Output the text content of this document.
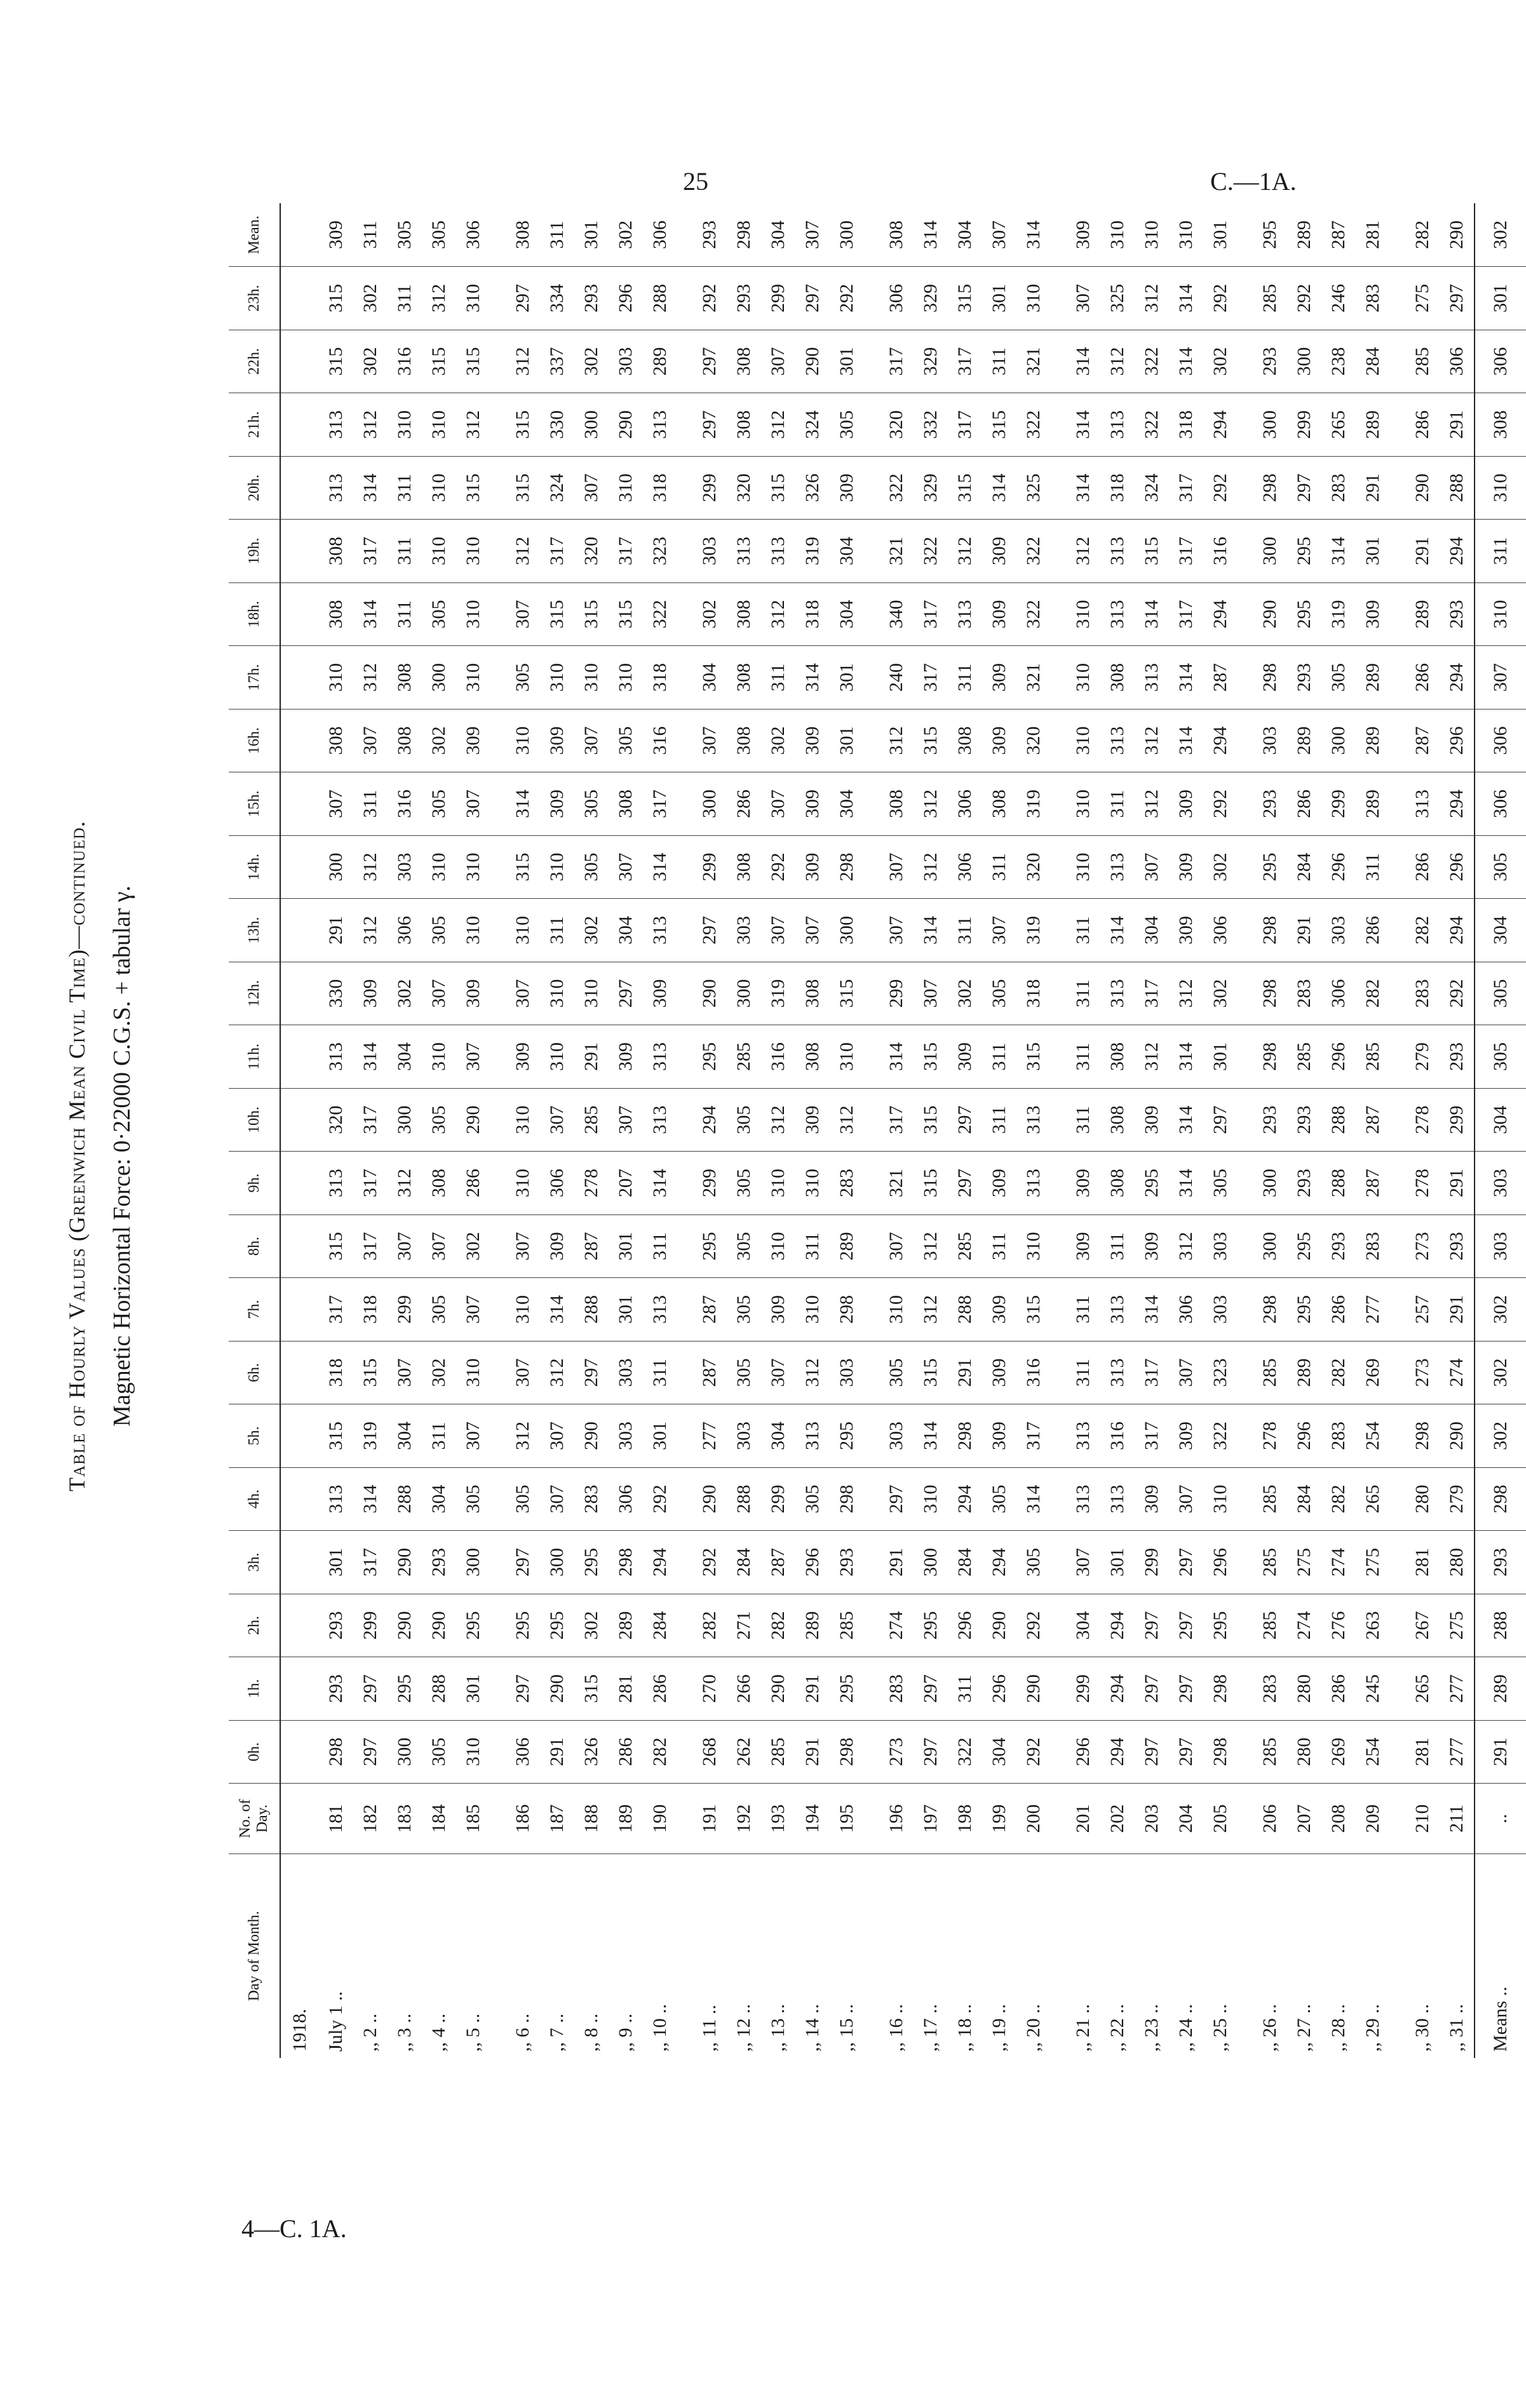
25	C.—1A.
Table of Hourly Values (Greenwich Mean Civil Time)—continued. Magnetic Horizontal Force: 0·22000 C.G.S. + tabular γ.
Day of Month.	No. of Day.	0h.	1h.	2h.	3h.	4h.	5h.	6h.	7h.	8h.	9h.	10h.	11h.	12h.	13h.	14h.	15h.	16h.	17h.	18h.	19h.	20h.	21h.	22h.	23h.	Mean.
1918.																										
July 1 ..	181	298	293	293	301	313	315	318	317	315	313	320	313	330	291	300	307	308	310	308	308	313	313	315	315	309
,, 2 ..	182	297	297	299	317	314	319	315	318	317	317	317	314	309	312	312	311	307	312	314	317	314	312	302	302	311
,, 3 ..	183	300	295	290	290	288	304	307	299	307	312	300	304	302	306	303	316	308	308	311	311	311	310	316	311	305
,, 4 ..	184	305	288	290	293	304	311	302	305	307	308	305	310	307	305	310	305	302	300	305	310	310	310	315	312	305
,, 5 ..	185	310	301	295	300	305	307	310	307	302	286	290	307	309	310	310	307	309	310	310	310	315	312	315	310	306
,, 6 ..	186	306	297	295	297	305	312	307	310	307	310	310	309	307	310	315	314	310	305	307	312	315	315	312	297	308
,, 7 ..	187	291	290	295	300	307	307	312	314	309	306	307	310	310	311	310	309	309	310	315	317	324	330	337	334	311
,, 8 ..	188	326	315	302	295	283	290	297	288	287	278	285	291	310	302	305	305	307	310	315	320	307	300	302	293	301
,, 9 ..	189	286	281	289	298	306	303	303	301	301	207	307	309	297	304	307	308	305	310	315	317	310	290	303	296	302
,, 10 ..	190	282	286	284	294	292	301	311	313	311	314	313	313	309	313	314	317	316	318	322	323	318	313	289	288	306
,, 11 ..	191	268	270	282	292	290	277	287	287	295	299	294	295	290	297	299	300	307	304	302	303	299	297	297	292	293
,, 12 ..	192	262	266	271	284	288	303	305	305	305	305	305	285	300	303	308	286	308	308	308	313	320	308	308	293	298
,, 13 ..	193	285	290	282	287	299	304	307	309	310	310	312	316	319	307	292	307	302	311	312	313	315	312	307	299	304
,, 14 ..	194	291	291	289	296	305	313	312	310	311	310	309	308	308	307	309	309	309	314	318	319	326	324	290	297	307
,, 15 ..	195	298	295	285	293	298	295	303	298	289	283	312	310	315	300	298	304	301	301	304	304	309	305	301	292	300
,, 16 ..	196	273	283	274	291	297	303	305	310	307	321	317	314	299	307	307	308	312	240	340	321	322	320	317	306	308
,, 17 ..	197	297	297	295	300	310	314	315	312	312	315	315	315	307	314	312	312	315	317	317	322	329	332	329	329	314
,, 18 ..	198	322	311	296	284	294	298	291	288	285	297	297	309	302	311	306	306	308	311	313	312	315	317	317	315	304
,, 19 ..	199	304	296	290	294	305	309	309	309	311	309	311	311	305	307	311	308	309	309	309	309	314	315	311	301	307
,, 20 ..	200	292	290	292	305	314	317	316	315	310	313	313	315	318	319	320	319	320	321	322	322	325	322	321	310	314
,, 21 ..	201	296	299	304	307	313	313	311	311	309	309	311	311	311	311	310	310	310	310	310	312	314	314	314	307	309
,, 22 ..	202	294	294	294	301	313	316	313	313	311	308	308	308	313	314	313	311	313	308	313	313	318	313	312	325	310
,, 23 ..	203	297	297	297	299	309	317	317	314	309	295	309	312	317	304	307	312	312	313	314	315	324	322	322	312	310
,, 24 ..	204	297	297	297	297	307	309	307	306	312	314	314	314	312	309	309	309	314	314	317	317	317	318	314	314	310
,, 25 ..	205	298	298	295	296	310	322	323	303	303	305	297	301	302	306	302	292	294	287	294	316	292	294	302	292	301
,, 26 ..	206	285	283	285	285	285	278	285	298	300	300	293	298	298	298	295	293	303	298	290	300	298	300	293	285	295
,, 27 ..	207	280	280	274	275	284	296	289	295	295	293	293	285	283	291	284	286	289	293	295	295	297	299	300	292	289
,, 28 ..	208	269	286	276	274	282	283	282	286	293	288	288	296	306	303	296	299	300	305	319	314	283	265	238	246	287
,, 29 ..	209	254	245	263	275	265	254	269	277	283	287	287	285	282	286	311	289	289	289	309	301	291	289	284	283	281
,, 30 ..	210	281	265	267	281	280	298	273	257	273	278	278	279	283	282	286	313	287	286	289	291	290	286	285	275	282
,, 31 ..	211	277	277	275	280	279	290	274	291	293	291	299	293	292	294	296	294	296	294	293	294	288	291	306	297	290
Means ..	..	291	289	288	293	298	302	302	302	303	303	304	305	305	304	305	306	306	307	310	311	310	308	306	301	302
4—C. 1A.
